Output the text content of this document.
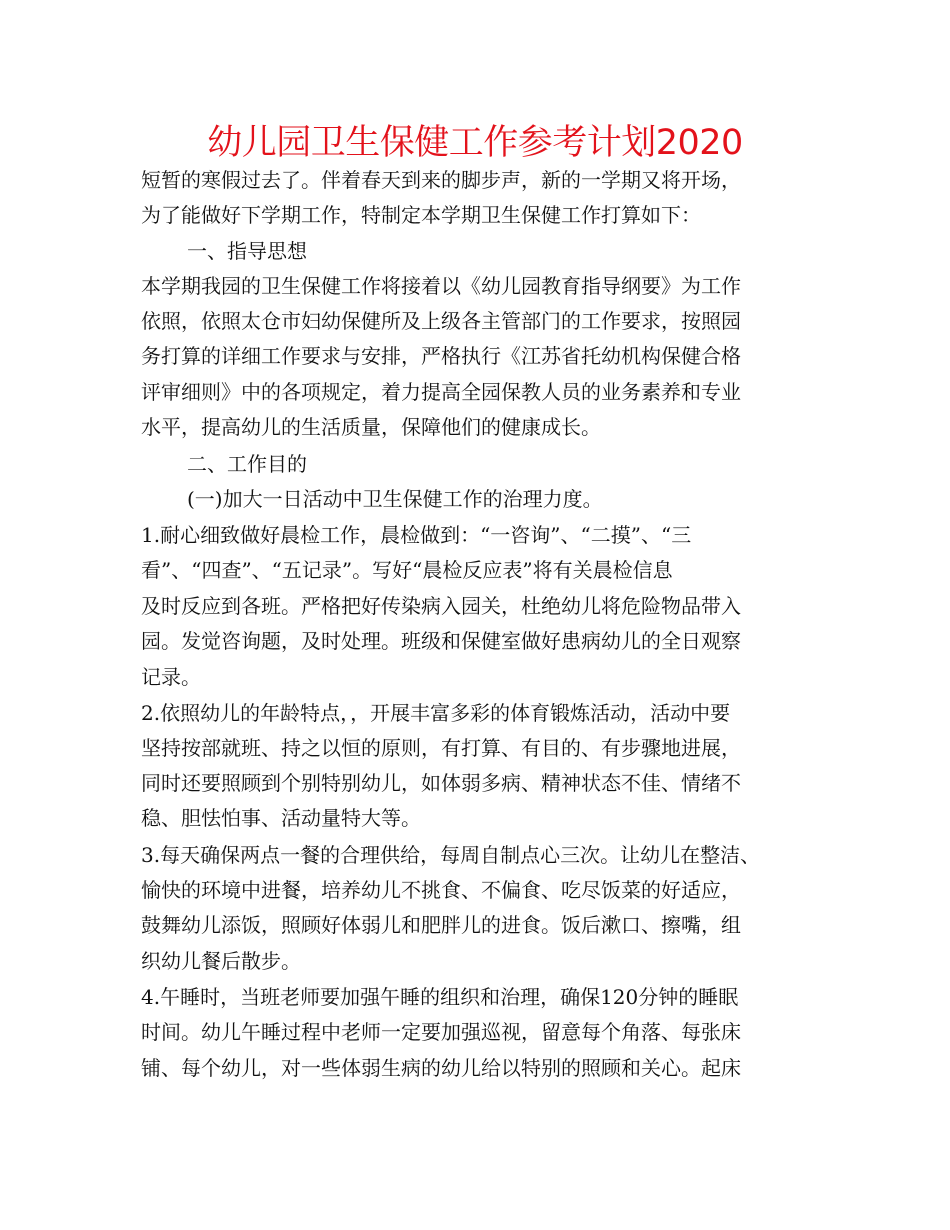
幼儿园卫生保健工作参考计划2020
短暂的寒假过去了。伴着春天到来的脚步声，新的一学期又将开场，
为了能做好下学期工作，特制定本学期卫生保健工作打算如下：
一、指导思想
本学期我园的卫生保健工作将接着以《幼儿园教育指导纲要》为工作
依照，依照太仓市妇幼保健所及上级各主管部门的工作要求，按照园
务打算的详细工作要求与安排，严格执行《江苏省托幼机构保健合格
评审细则》中的各项规定，着力提高全园保教人员的业务素养和专业
水平，提高幼儿的生活质量，保障他们的健康成长。
二、工作目的
(一)加大一日活动中卫生保健工作的治理力度。
1.耐心细致做好晨检工作，晨检做到：“一咨询”、“二摸”、“三
看”、“四查”、“五记录”。写好“晨检反应表”将有关晨检信息
及时反应到各班。严格把好传染病入园关，杜绝幼儿将危险物品带入
园。发觉咨询题，及时处理。班级和保健室做好患病幼儿的全日观察
记录。
2.依照幼儿的年龄特点，，开展丰富多彩的体育锻炼活动，活动中要
坚持按部就班、持之以恒的原则，有打算、有目的、有步骤地进展，
同时还要照顾到个别特别幼儿，如体弱多病、精神状态不佳、情绪不
稳、胆怯怕事、活动量特大等。
3.每天确保两点一餐的合理供给，每周自制点心三次。让幼儿在整洁、
愉快的环境中进餐，培养幼儿不挑食、不偏食、吃尽饭菜的好适应，
鼓舞幼儿添饭，照顾好体弱儿和肥胖儿的进食。饭后漱口、擦嘴，组
织幼儿餐后散步。
4.午睡时，当班老师要加强午睡的组织和治理，确保120分钟的睡眠
时间。幼儿午睡过程中老师一定要加强巡视，留意每个角落、每张床
铺、每个幼儿，对一些体弱生病的幼儿给以特别的照顾和关心。起床
